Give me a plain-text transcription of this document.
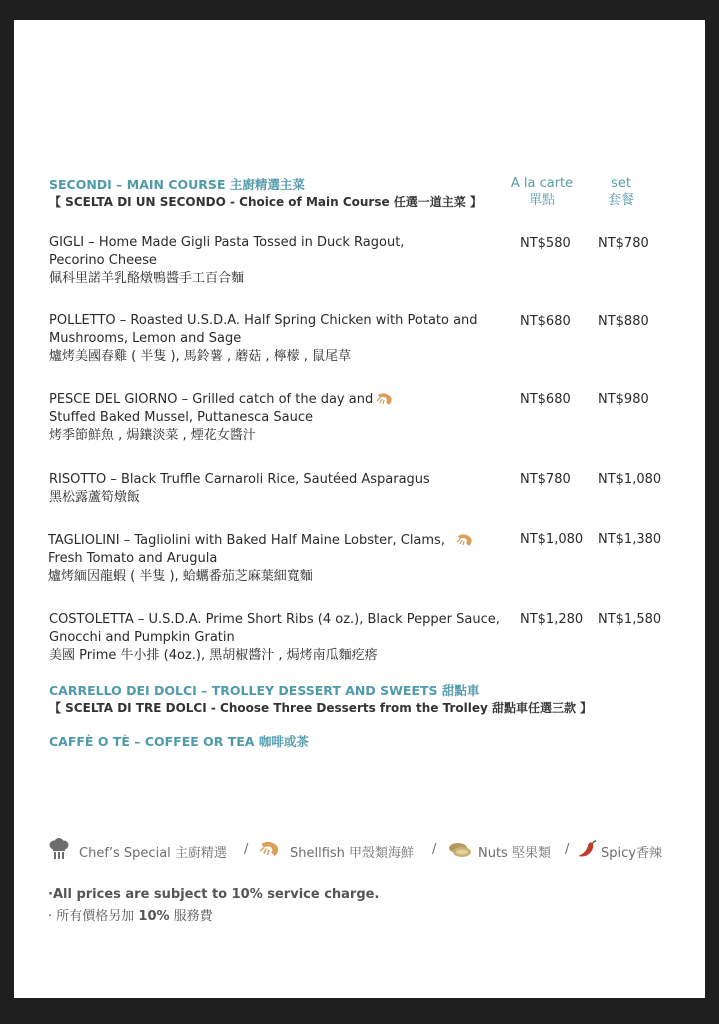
SECONDI – MAIN COURSE 主廚精選主菜
【 SCELTA DI UN SECONDO - Choice of Main Course 任選一道主菜 】
A la carte
單點
set
套餐
GIGLI – Home Made Gigli Pasta Tossed in Duck Ragout,
Pecorino Cheese
佩科里諾羊乳酪燉鴨醬手工百合麵
NT$580 NT$780
POLLETTO – Roasted U.S.D.A. Half Spring Chicken with Potato and
Mushrooms, Lemon and Sage
爐烤美國春雞 ( 半隻 ), 馬鈴薯 , 蘑菇 , 檸檬 , 鼠尾草
NT$680 NT$880
PESCE DEL GIORNO – Grilled catch of the day and
Stuffed Baked Mussel, Puttanesca Sauce
烤季節鮮魚 , 焗鑲淡菜 , 煙花女醬汁
NT$680 NT$980
RISOTTO – Black Truffle Carnaroli Rice, Sautéed Asparagus
黑松露蘆筍燉飯
NT$780 NT$1,080
TAGLIOLINI – Tagliolini with Baked Half Maine Lobster, Clams,
Fresh Tomato and Arugula
爐烤緬因龍蝦 ( 半隻 ), 蛤蠣番茄芝麻葉細寬麵
NT$1,080 NT$1,380
COSTOLETTA – U.S.D.A. Prime Short Ribs (4 oz.), Black Pepper Sauce,
Gnocchi and Pumpkin Gratin
美國 Prime 牛小排 (4oz.), 黑胡椒醬汁 , 焗烤南瓜麵疙瘩
NT$1,280 NT$1,580
CARRELLO DEI DOLCI – TROLLEY DESSERT AND SWEETS 甜點車
【 SCELTA DI TRE DOLCI - Choose Three Desserts from the Trolley 甜點車任選三款 】
CAFFÈ O TÈ – COFFEE OR TEA 咖啡或茶
Chef’s Special 主廚精選 /	Shellfish 甲殼類海鮮 /	Nuts 堅果類 / Spicy香辣
·All prices are subject to 10% service charge.
· 所有價格另加 10% 服務費
